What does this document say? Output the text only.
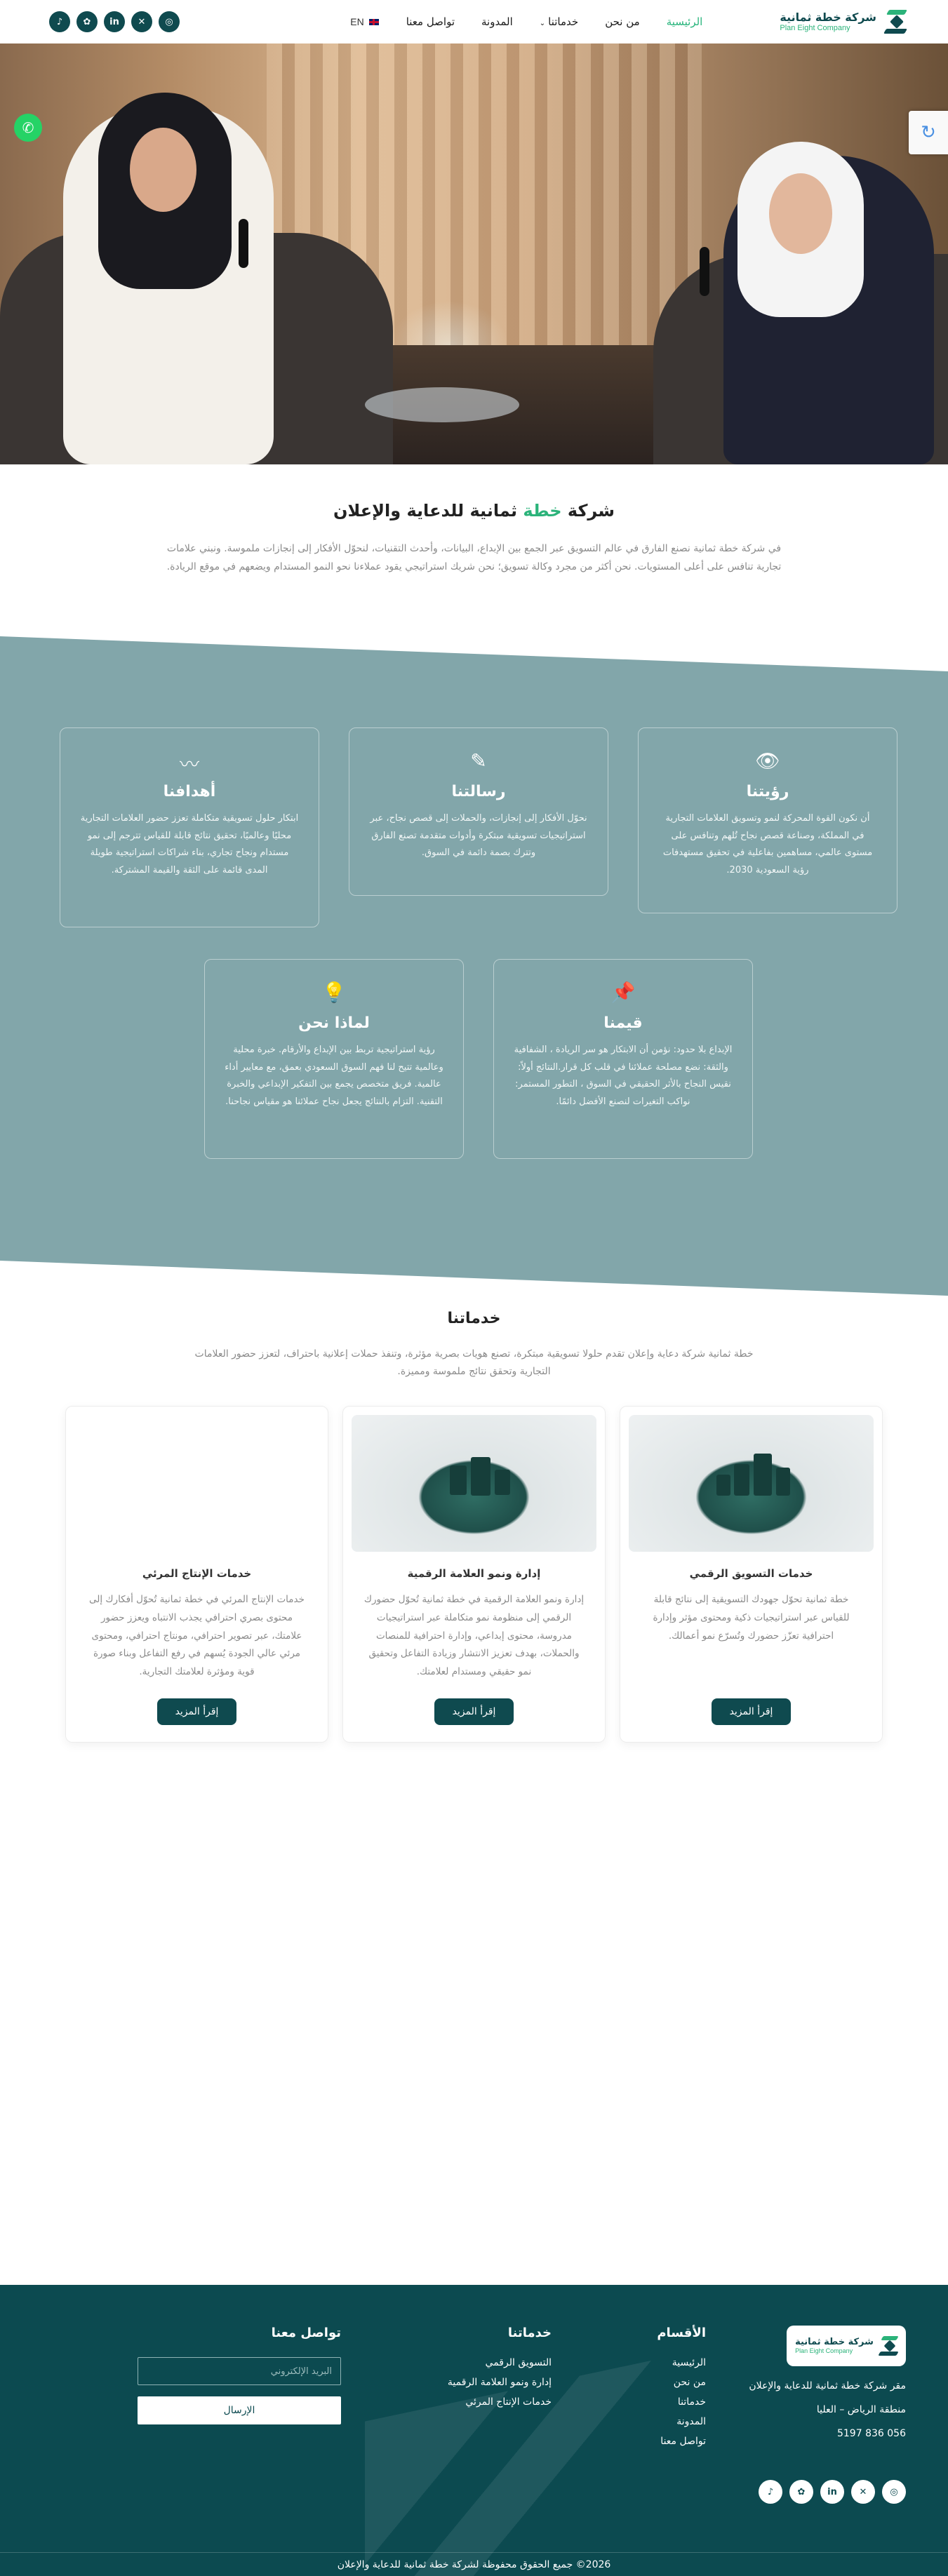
شركة خطة ثمانية
Plan Eight Company
الرئيسية
من نحن
خدماتنا⌄
المدونة
تواصل معنا
EN
♪	✿	in	✕	◎
✆	↻
شركة خطة ثمانية للدعاية والإعلان

في شركة خطة ثمانية نصنع الفارق في عالم التسويق عبر الجمع بين الإبداع، البيانات، وأحدث التقنيات، لنحوّل الأفكار إلى إنجازات ملموسة. ونبني علامات تجارية تنافس على أعلى المستويات. نحن أكثر من مجرد وكالة تسويق؛ نحن شريك استراتيجي يقود عملاءنا نحو النمو المستدام ويضعهم في موقع الريادة.

👁
رؤيتنا

أن نكون القوة المحركة لنمو وتسويق العلامات التجارية في المملكة، وصناعة قصص نجاح تُلهم وتنافس على مستوى عالمي، مساهمين بفاعلية في تحقيق مستهدفات رؤية السعودية 2030.

✎
رسالتنا

نحوّل الأفكار إلى إنجازات، والحملات إلى قصص نجاح، عبر استراتيجيات تسويقية مبتكرة وأدوات متقدمة تصنع الفارق وتترك بصمة دائمة في السوق.

〰
أهدافنا

ابتكار حلول تسويقية متكاملة تعزز حضور العلامات التجارية محليًا وعالميًا، تحقيق نتائج قابلة للقياس تترجم إلى نمو مستدام ونجاح تجاري، بناء شراكات استراتيجية طويلة المدى قائمة على الثقة والقيمة المشتركة.

📌
قيمنا

الإبداع بلا حدود: نؤمن أن الابتكار هو سر الريادة ، الشفافية والثقة: نضع مصلحة عملائنا في قلب كل قرار.النتائج أولاً: نقيس النجاح بالأثر الحقيقي في السوق ، التطور المستمر: نواكب التغيرات لنصنع الأفضل دائمًا.

💡
لماذا نحن

رؤية استراتيجية تربط بين الإبداع والأرقام. خبرة محلية وعالمية تتيح لنا فهم السوق السعودي بعمق، مع معايير أداء عالمية. فريق متخصص يجمع بين التفكير الإبداعي والخبرة التقنية. التزام بالنتائج يجعل نجاح عملائنا هو مقياس نجاحنا.

خدماتنا

خطة ثمانية شركة دعاية وإعلان تقدم حلولا تسويقية مبتكرة، تصنع هويات بصرية مؤثرة، وتنفذ حملات إعلانية باحتراف، لتعزز حضور العلامات التجارية وتحقق نتائج ملموسة ومميزة.

خدمات التسويق الرقمي

خطة ثمانية تحوّل جهودك التسويقية إلى نتائج قابلة للقياس عبر استراتيجيات ذكية ومحتوى مؤثر وإدارة احترافية تعزّز حضورك وتُسرّع نمو أعمالك.

إقرأ المزيد
إدارة ونمو العلامة الرقمية

إدارة ونمو العلامة الرقمية في خطة ثمانية تُحوّل حضورك الرقمي إلى منظومة نمو متكاملة عبر استراتيجيات مدروسة، محتوى إبداعي، وإدارة احترافية للمنصات والحملات، بهدف تعزيز الانتشار وزيادة التفاعل وتحقيق نمو حقيقي ومستدام لعلامتك.

إقرأ المزيد
خدمات الإنتاج المرئي

خدمات الإنتاج المرئي في خطة ثمانية تُحوّل أفكارك إلى محتوى بصري احترافي يجذب الانتباه ويعزز حضور علامتك، عبر تصوير احترافي، مونتاج احترافي، ومحتوى مرئي عالي الجودة يُسهم في رفع التفاعل وبناء صورة قوية ومؤثرة لعلامتك التجارية.

إقرأ المزيد
شركة خطة ثمانية
Plan Eight Company
مقر شركة خطة ثمانية للدعاية والإعلان
منطقة الرياض – العليا
056 836 5197
♪	✿	in	✕	◎
الأقسام
الرئيسية
من نحن
خدماتنا
المدونة
تواصل معنا
خدماتنا
التسويق الرقمي
إدارة ونمو العلامة الرقمية
خدمات الإنتاج المرئي
تواصل معنا
البريد الإلكتروني الإرسال
2026© جميع الحقوق محفوظة لشركة خطة ثمانية للدعاية والإعلان
